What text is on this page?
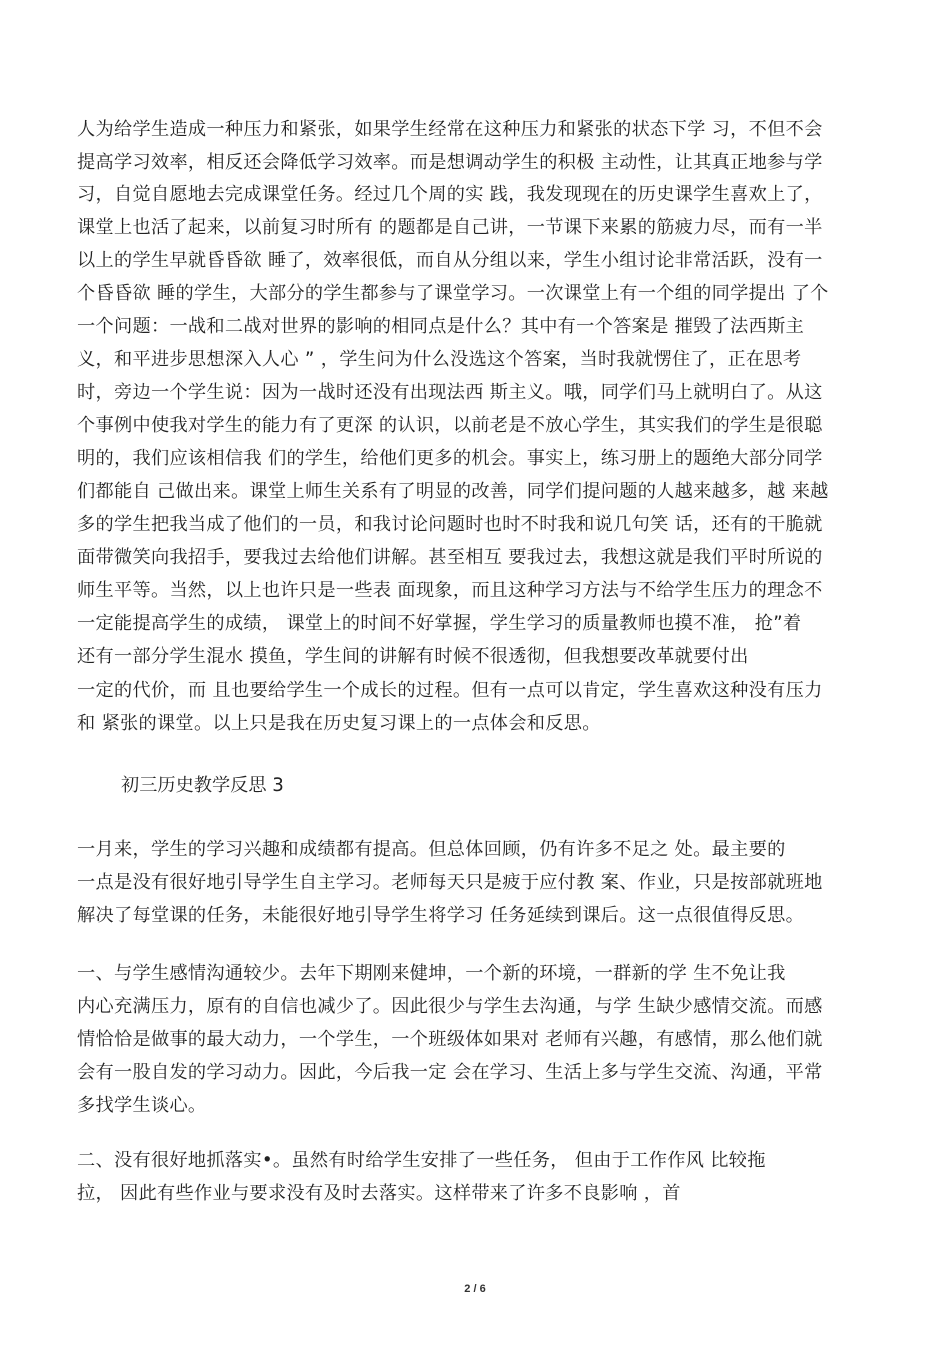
人为给学生造成一种压力和紧张，如果学生经常在这种压力和紧张的状态下学 习，不但不会
提高学习效率，相反还会降低学习效率。而是想调动学生的积极 主动性，让其真正地参与学
习，自觉自愿地去完成课堂任务。经过几个周的实 践，我发现现在的历史课学生喜欢上了，
课堂上也活了起来，以前复习时所有 的题都是自己讲，一节课下来累的筋疲力尽，而有一半
以上的学生早就昏昏欲 睡了，效率很低，而自从分组以来，学生小组讨论非常活跃，没有一
个昏昏欲 睡的学生，大部分的学生都参与了课堂学习。一次课堂上有一个组的同学提出 了个
一个问题：一战和二战对世界的影响的相同点是什么？其中有一个答案是 摧毁了法西斯主
义，和平进步思想深入人心 ” ，学生问为什么没选这个答案，当时我就愣住了，正在思考
时，旁边一个学生说：因为一战时还没有出现法西 斯主义。哦，同学们马上就明白了。从这
个事例中使我对学生的能力有了更深 的认识，以前老是不放心学生，其实我们的学生是很聪
明的，我们应该相信我 们的学生，给他们更多的机会。事实上，练习册上的题绝大部分同学
们都能自 己做出来。课堂上师生关系有了明显的改善，同学们提问题的人越来越多，越 来越
多的学生把我当成了他们的一员，和我讨论问题时也时不时我和说几句笑 话，还有的干脆就
面带微笑向我招手，要我过去给他们讲解。甚至相互 要我过去，我想这就是我们平时所说的
师生平等。当然，以上也许只是一些表 面现象，而且这种学习方法与不给学生压力的理念不
一定能提高学生的成绩， 课堂上的时间不好掌握，学生学习的质量教师也摸不准， 抢”着
还有一部分学生混水 摸鱼，学生间的讲解有时候不很透彻，但我想要改革就要付出
一定的代价，而 且也要给学生一个成长的过程。但有一点可以肯定，学生喜欢这种没有压力
和 紧张的课堂。以上只是我在历史复习课上的一点体会和反思。
初三历史教学反思 3
一月来，学生的学习兴趣和成绩都有提高。但总体回顾，仍有许多不足之 处。最主要的
一点是没有很好地引导学生自主学习。老师每天只是疲于应付教 案、作业，只是按部就班地
解决了每堂课的任务，未能很好地引导学生将学习 任务延续到课后。这一点很值得反思。
一、与学生感情沟通较少。去年下期刚来健坤，一个新的环境，一群新的学 生不免让我
内心充满压力，原有的自信也减少了。因此很少与学生去沟通，与学 生缺少感情交流。而感
情恰恰是做事的最大动力，一个学生，一个班级体如果对 老师有兴趣，有感情，那么他们就
会有一股自发的学习动力。因此，今后我一定 会在学习、生活上多与学生交流、沟通，平常
多找学生谈心。
二、没有很好地抓落实•。虽然有时给学生安排了一些任务， 但由于工作作风 比较拖
拉， 因此有些作业与要求没有及时去落实。这样带来了许多不良影响 ，首
2 / 6
